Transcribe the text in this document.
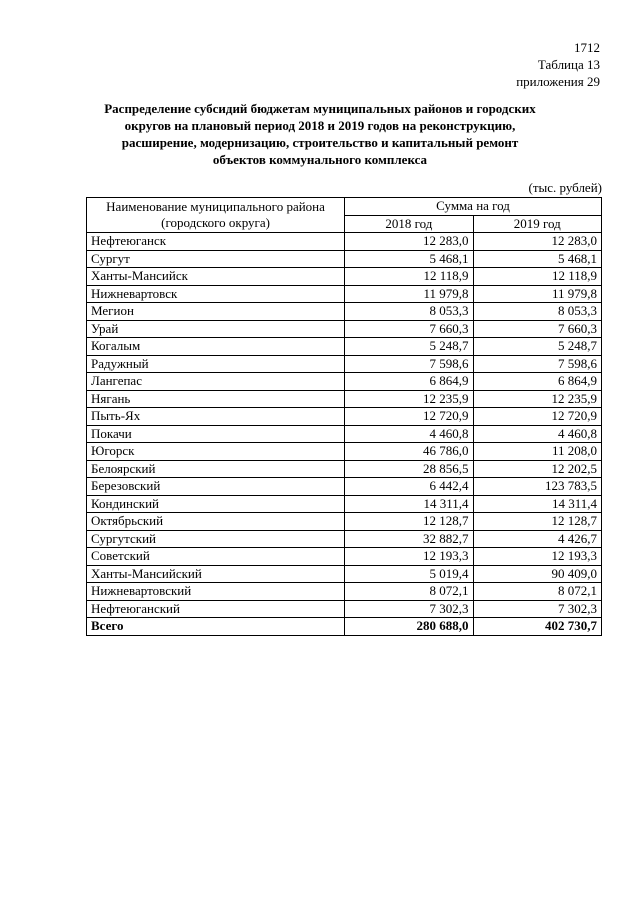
1712
Таблица 13
приложения 29
Распределение субсидий бюджетам муниципальных районов и городских
округов на плановый период 2018 и 2019 годов на реконструкцию,
расширение, модернизацию, строительство и капитальный ремонт
объектов коммунального комплекса
(тыс. рублей)
Наименование муниципального района
(городского округа)	Сумма на год	
	2018 год	2019 год
Нефтеюганск	12 283,0	12 283,0
Сургут	5 468,1	5 468,1
Ханты-Мансийск	12 118,9	12 118,9
Нижневартовск	11 979,8	11 979,8
Мегион	8 053,3	8 053,3
Урай	7 660,3	7 660,3
Когалым	5 248,7	5 248,7
Радужный	7 598,6	7 598,6
Лангепас	6 864,9	6 864,9
Нягань	12 235,9	12 235,9
Пыть-Ях	12 720,9	12 720,9
Покачи	4 460,8	4 460,8
Югорск	46 786,0	11 208,0
Белоярский	28 856,5	12 202,5
Березовский	6 442,4	123 783,5
Кондинский	14 311,4	14 311,4
Октябрьский	12 128,7	12 128,7
Сургутский	32 882,7	4 426,7
Советский	12 193,3	12 193,3
Ханты-Мансийский	5 019,4	90 409,0
Нижневартовский	8 072,1	8 072,1
Нефтеюганский	7 302,3	7 302,3
Всего	280 688,0	402 730,7
